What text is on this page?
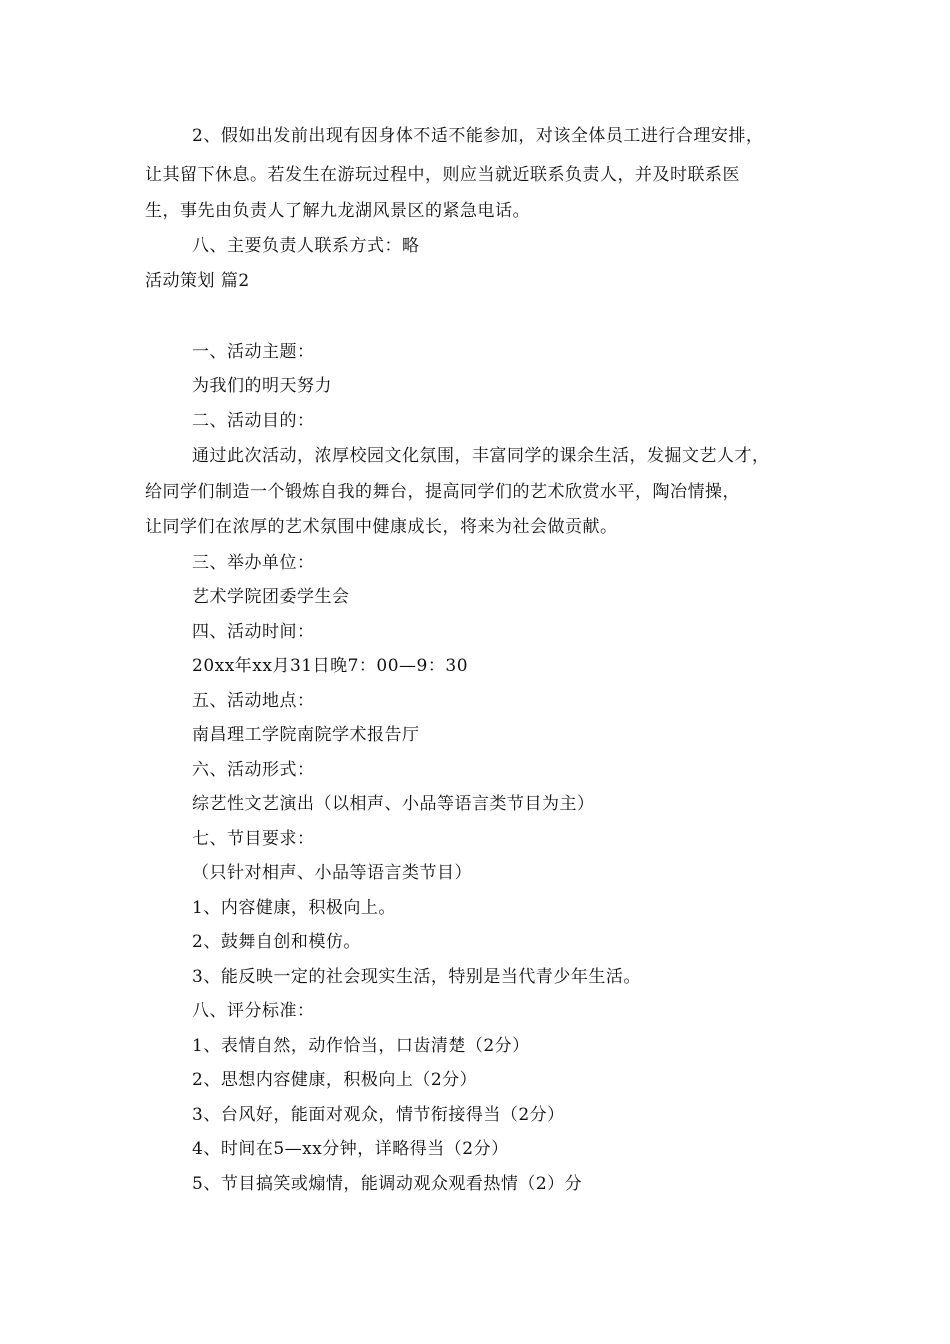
2、假如出发前出现有因身体不适不能参加，对该全体员工进行合理安排，
让其留下休息。若发生在游玩过程中，则应当就近联系负责人，并及时联系医
生，事先由负责人了解九龙湖风景区的紧急电话。
八、主要负责人联系方式：略
活动策划 篇2
一、活动主题：
为我们的明天努力
二、活动目的：
通过此次活动，浓厚校园文化氛围，丰富同学的课余生活，发掘文艺人才，
给同学们制造一个锻炼自我的舞台，提高同学们的艺术欣赏水平，陶冶情操，
让同学们在浓厚的艺术氛围中健康成长，将来为社会做贡献。
三、举办单位：
艺术学院团委学生会
四、活动时间：
20xx年xx月31日晚7：00—9：30
五、活动地点：
南昌理工学院南院学术报告厅
六、活动形式：
综艺性文艺演出（以相声、小品等语言类节目为主）
七、节目要求：
（只针对相声、小品等语言类节目）
1、内容健康，积极向上。
2、鼓舞自创和模仿。
3、能反映一定的社会现实生活，特别是当代青少年生活。
八、评分标准：
1、表情自然，动作恰当，口齿清楚（2分）
2、思想内容健康，积极向上（2分）
3、台风好，能面对观众，情节衔接得当（2分）
4、时间在5—xx分钟，详略得当（2分）
5、节目搞笑或煽情，能调动观众观看热情（2）分
